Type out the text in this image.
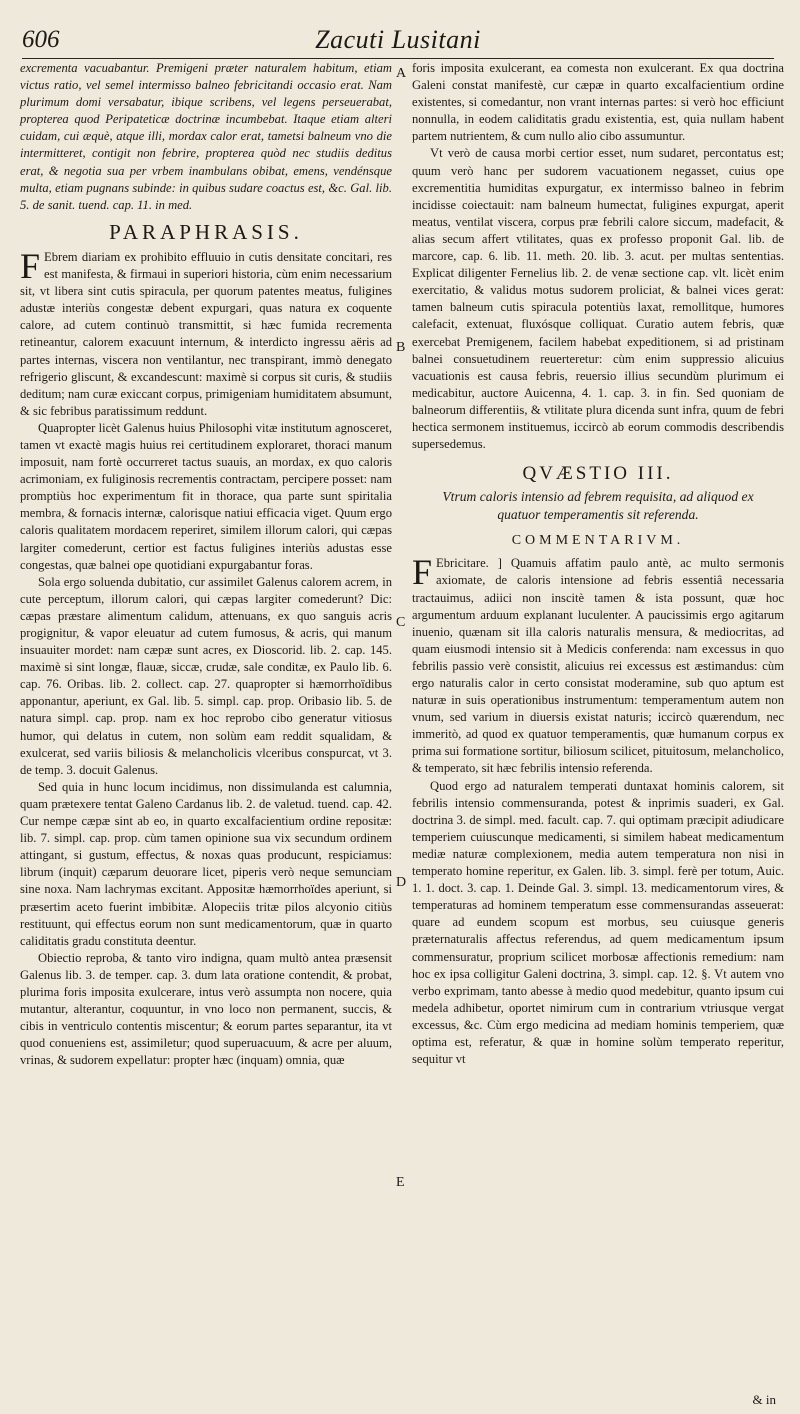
606	Zacuti Lusitani
A
B
C
D
E

excrementa vacuabantur. Premigeni præter naturalem habitum, etiam victus ratio, vel semel intermisso balneo febricitandi occasio erat. Nam plurimum domi versabatur, ibique scribens, vel legens perseuerabat, propterea quod Peripateticæ doctrinæ incumbebat. Itaque etiam alteri cuidam, cui æquè, atque illi, mordax calor erat, tametsi balneum vno die intermitteret, contigit non febrire, propterea quòd nec studiis deditus erat, & negotia sua per vrbem inambulans obibat, emens, vendénsque multa, etiam pugnans subinde: in quibus sudare coactus est, &c. Gal. lib. 5. de sanit. tuend. cap. 11. in med.

PARAPHRASIS.

F Ebrem diariam ex prohibito effluuio in cutis densitate concitari, res est manifesta, & firmaui in superiori historia, cùm enim necessarium sit, vt libera sint cutis spiracula, per quorum patentes meatus, fuligines adustæ interiùs congestæ debent expurgari, quas natura ex coquente calore, ad cutem continuò transmittit, si hæc fumida recrementa retineantur, calorem exacuunt internum, & interdicto ingressu aëris ad partes internas, viscera non ventilantur, nec transpirant, immò denegato refrigerio gliscunt, & excandescunt: maximè si corpus sit curis, & studiis deditum; nam curæ exiccant corpus, primigeniam humiditatem absumunt, & sic febribus paratissimum reddunt.

Quapropter licèt Galenus huius Philosophi vitæ institutum agnosceret, tamen vt exactè magis huius rei certitudinem exploraret, thoraci manum imposuit, nam fortè occurreret tactus suauis, an mordax, ex quo caloris acrimoniam, ex fuliginosis recrementis contractam, percipere posset: nam promptiùs hoc experimentum fit in thorace, qua parte sunt spiritalia membra, & fornacis internæ, calorisque natiui efficacia viget. Quum ergo caloris qualitatem mordacem reperiret, similem illorum calori, qui cæpas largiter comederunt, certior est factus fuligines interiùs adustas esse congestas, quæ balnei ope quotidiani expurgabantur foras.

Sola ergo soluenda dubitatio, cur assimilet Galenus calorem acrem, in cute perceptum, illorum calori, qui cæpas largiter comederunt? Dic: cæpas præstare alimentum calidum, attenuans, ex quo sanguis acris progignitur, & vapor eleuatur ad cutem fumosus, & acris, qui manum insuauiter mordet: nam cæpæ sunt acres, ex Dioscorid. lib. 2. cap. 145. maximè si sint longæ, flauæ, siccæ, crudæ, sale conditæ, ex Paulo lib. 6. cap. 76. Oribas. lib. 2. collect. cap. 27. quapropter si hæmorrhoïdibus apponantur, aperiunt, ex Gal. lib. 5. simpl. cap. prop. Oribasio lib. 5. de natura simpl. cap. prop. nam ex hoc reprobo cibo generatur vitiosus humor, qui delatus in cutem, non solùm eam reddit squalidam, & exulcerat, sed variis biliosis & melancholicis vlceribus conspurcat, vt 3. de temp. 3. docuit Galenus.

Sed quia in hunc locum incidimus, non dissimulanda est calumnia, quam prætexere tentat Galeno Cardanus lib. 2. de valetud. tuend. cap. 42. Cur nempe cæpæ sint ab eo, in quarto excalfacientium ordine repositæ: lib. 7. simpl. cap. prop. cùm tamen opinione sua vix secundum ordinem attingant, si gustum, effectus, & noxas quas producunt, respiciamus: librum (inquit) cæparum deuorare licet, piperis verò neque semunciam sine noxa. Nam lachrymas excitant. Appositæ hæmorrhoïdes aperiunt, si præsertim aceto fuerint imbibitæ. Alopeciis tritæ pilos alcyonio citiùs restituunt, qui effectus eorum non sunt medicamentorum, quæ in quarto caliditatis gradu constituta deentur.

Obiectio reproba, & tanto viro indigna, quam multò antea præsensit Galenus lib. 3. de temper. cap. 3. dum lata oratione contendit, & probat, plurima foris imposita exulcerare, intus verò assumpta non nocere, quia mutantur, alterantur, coquuntur, in vno loco non permanent, succis, & cibis in ventriculo contentis miscentur; & eorum partes separantur, ita vt quod conueniens est, assimiletur; quod superuacuum, & acre per aluum, vrinas, & sudorem expellatur: propter hæc (inquam) omnia, quæ

foris imposita exulcerant, ea comesta non exulcerant. Ex qua doctrina Galeni constat manifestè, cur cæpæ in quarto excalfacientium ordine existentes, si comedantur, non vrant internas partes: si verò hoc efficiunt nonnulla, in eodem caliditatis gradu existentia, est, quia nullam habent partem nutrientem, & cum nullo alio cibo assumuntur.

Vt verò de causa morbi certior esset, num sudaret, percontatus est; quum verò hanc per sudorem vacuationem negasset, cuius ope excrementitia humiditas expurgatur, ex intermisso balneo in febrim incidisse coiectauit: nam balneum humectat, fuligines expurgat, aperit meatus, ventilat viscera, corpus præ febrili calore siccum, madefacit, & alias secum affert vtilitates, quas ex professo proponit Gal. lib. de marcore, cap. 6. lib. 11. meth. 20. lib. 3. acut. per multas sententias. Explicat diligenter Fernelius lib. 2. de venæ sectione cap. vlt. licèt enim exercitatio, & validus motus sudorem proliciat, & balnei vices gerat: tamen balneum cutis spiracula potentiùs laxat, remollitque, humores calefacit, extenuat, fluxósque colliquat. Curatio autem febris, quæ exercebat Premigenem, facilem habebat expeditionem, si ad pristinam balnei consuetudinem reuerteretur: cùm enim suppressio alicuius vacuationis est causa febris, reuersio illius secundùm plurimum ei medicabitur, auctore Auicenna, 4. 1. cap. 3. in fin. Sed quoniam de balneorum differentiis, & vtilitate plura dicenda sunt infra, quum de febri hectica sermonem instituemus, iccircò ab eorum commodis describendis supersedemus.

QVÆSTIO III.
Vtrum caloris intensio ad febrem requisita, ad aliquod ex quatuor temperamentis sit referenda.
COMMENTARIVM.

F Ebricitare. ] Quamuis affatim paulo antè, ac multo sermonis axiomate, de caloris intensione ad febris essentiâ necessaria tractauimus, adiici non inscitè tamen & ista possunt, quæ hoc argumentum arduum explanant luculenter. A paucissimis ergo agitarum inuenio, quænam sit illa caloris naturalis mensura, & mediocritas, ad quam eiusmodi intensio sit à Medicis conferenda: nam excessus in quo febrilis passio verè consistit, alicuius rei excessus est æstimandus: cùm ergo naturalis calor in certo consistat moderamine, sub quo aptum est naturæ in suis operationibus instrumentum: temperamentum autem non vnum, sed varium in diuersis existat naturis; iccircò quærendum, nec immeritò, ad quod ex quatuor temperamentis, quæ humanum corpus ex prima sui formatione sortitur, biliosum scilicet, pituitosum, melancholico, & temperato, sit hæc febrilis intensio referenda.

Quod ergo ad naturalem temperati duntaxat hominis calorem, sit febrilis intensio commensuranda, potest & inprimis suaderi, ex Gal. doctrina 3. de simpl. med. facult. cap. 7. qui optimam præcipit adiudicare temperiem cuiuscunque medicamenti, si similem habeat medicamentum mediæ naturæ complexionem, media autem temperatura non nisi in temperato homine reperitur, ex Galen. lib. 3. simpl. ferè per totum, Auic. 1. 1. doct. 3. cap. 1. Deinde Gal. 3. simpl. 13. medicamentorum vires, & temperaturas ad hominem temperatum esse commensurandas asseuerat: quare ad eundem scopum est morbus, seu cuiusque generis præternaturalis affectus referendus, ad quem medicamentum ipsum commensuratur, proprium scilicet morbosæ affectionis remedium: nam hoc ex ipsa colligitur Galeni doctrina, 3. simpl. cap. 12. §. Vt autem vno verbo exprimam, tanto abesse à medio quod medebitur, quanto ipsum cui medela adhibetur, oportet nimirum cum in contrarium vtriusque vergat excessus, &c. Cùm ergo medicina ad mediam hominis temperiem, quæ optima est, referatur, & quæ in homine solùm temperato reperitur, sequitur vt

& in
